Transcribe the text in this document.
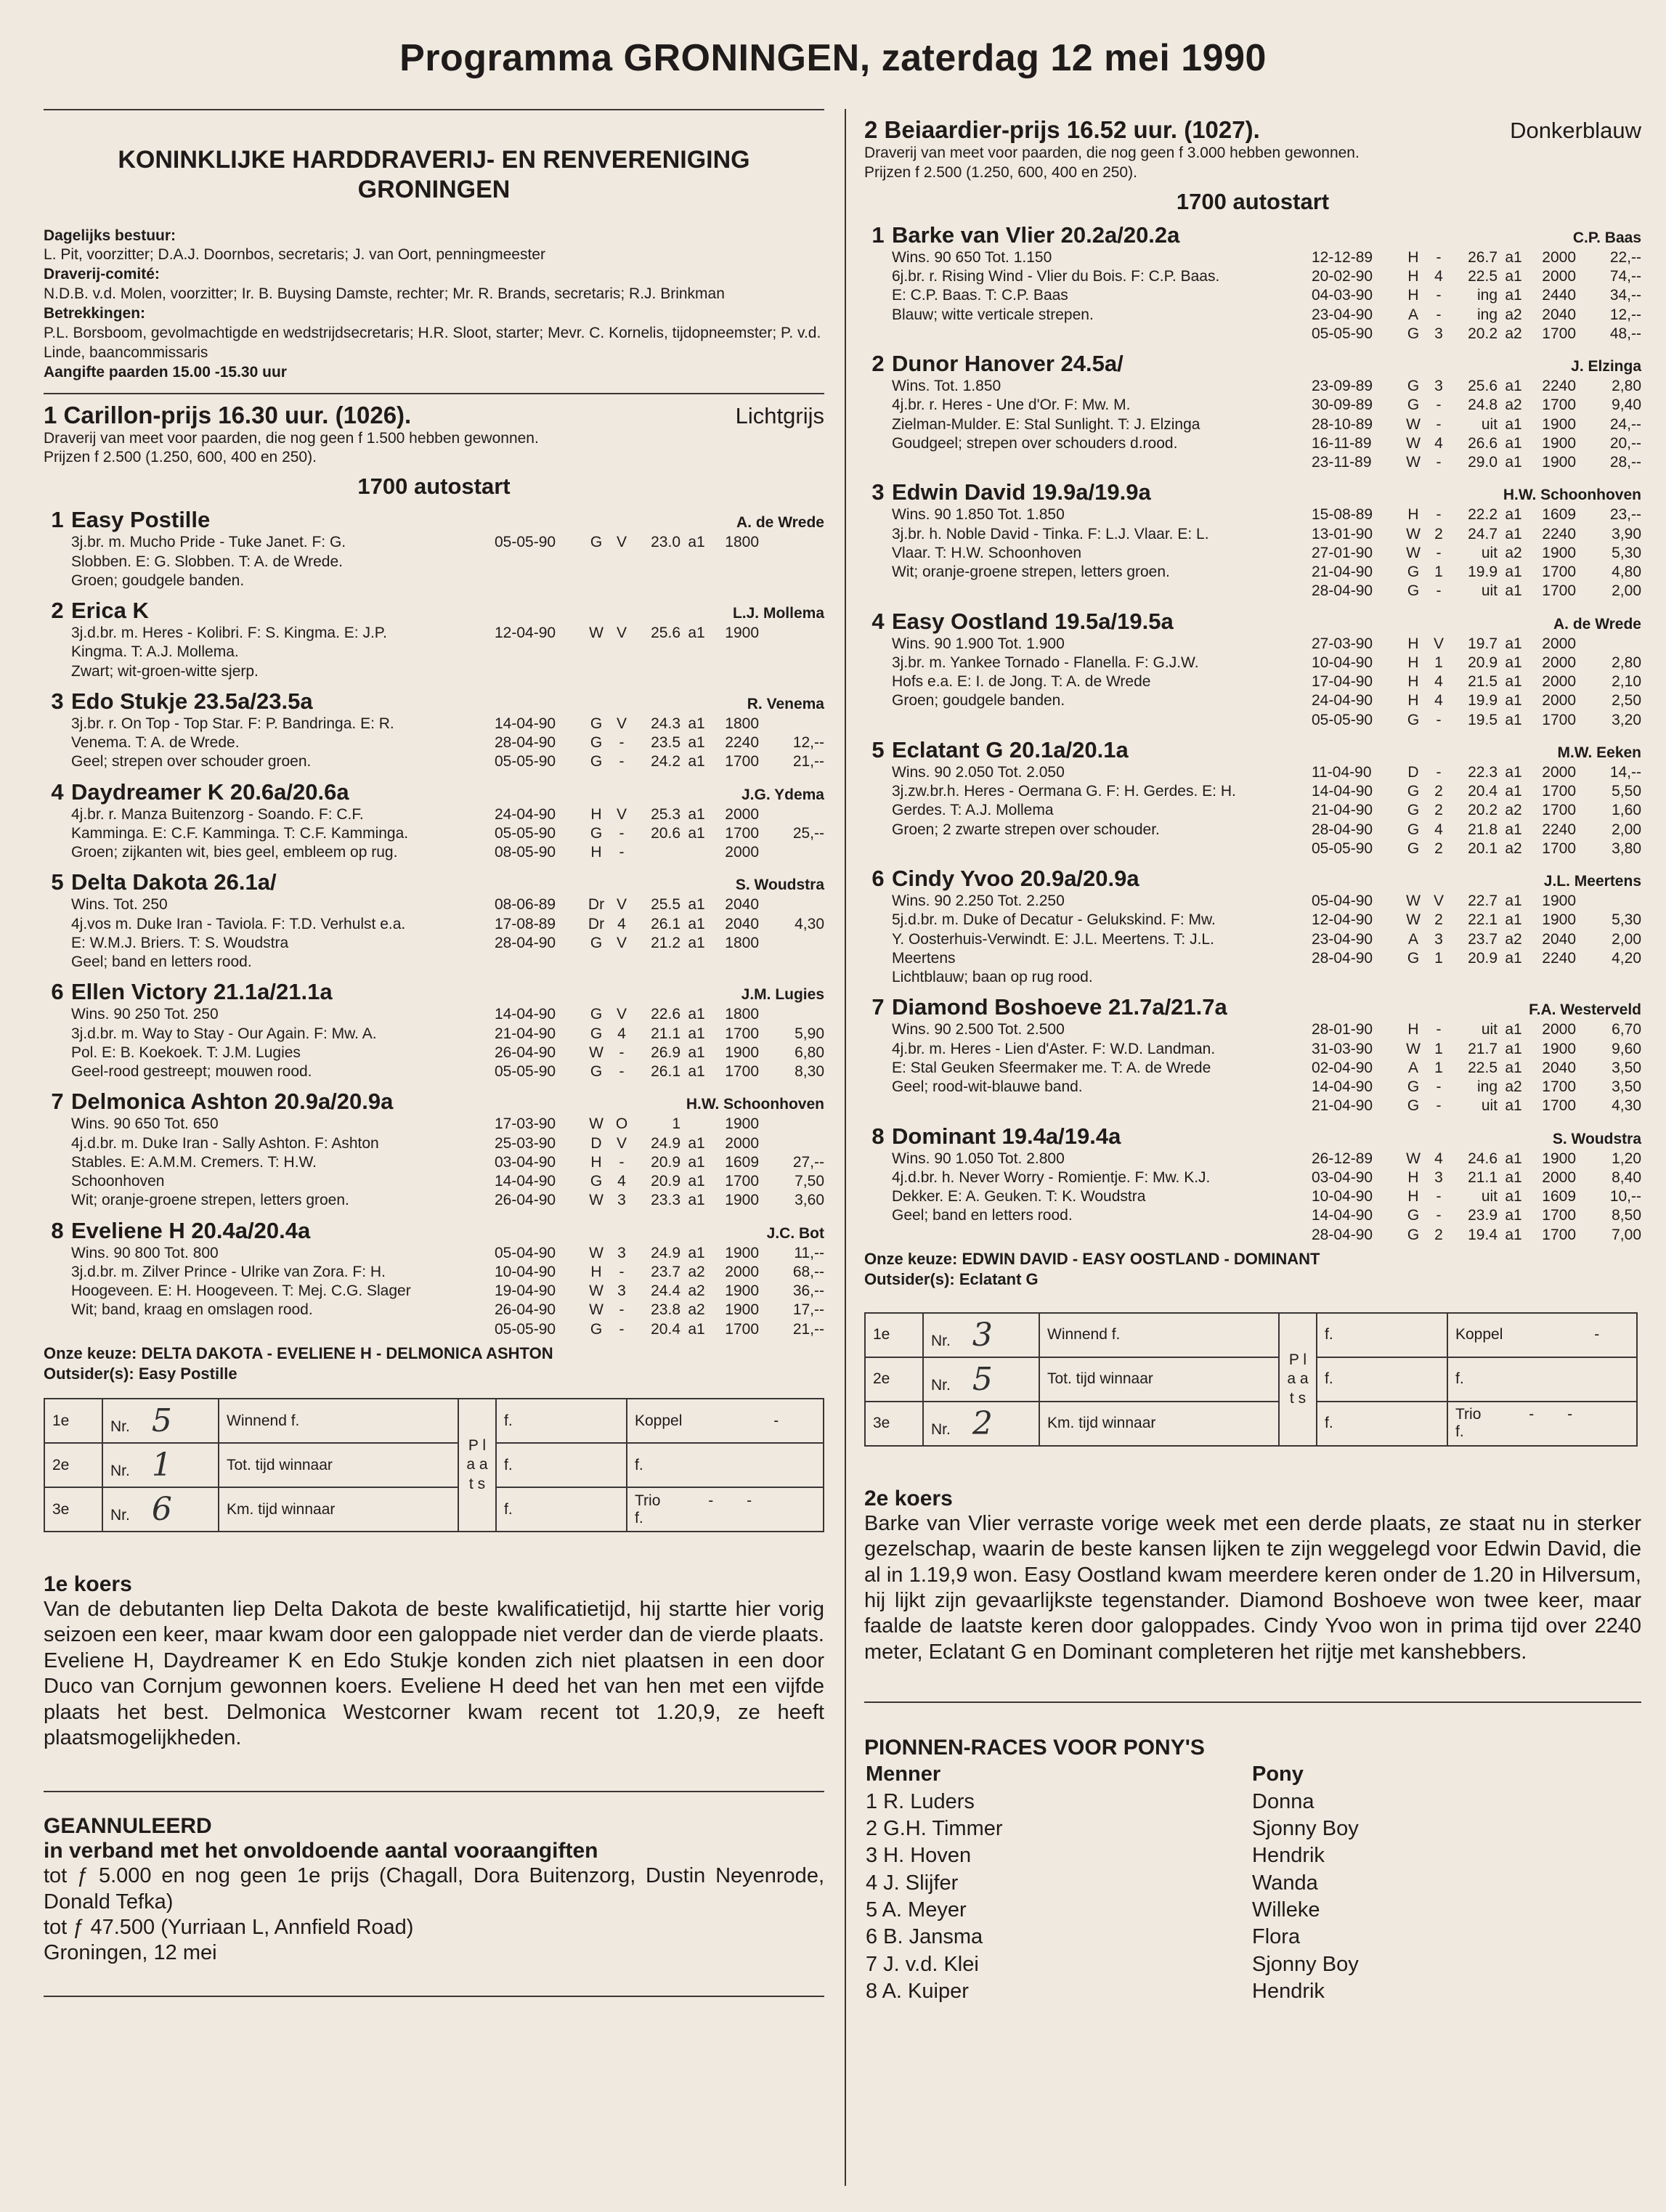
Programma GRONINGEN, zaterdag 12 mei 1990
KONINKLIJKE HARDDRAVERIJ- EN RENVERENIGING
GRONINGEN
Dagelijks bestuur:
L. Pit, voorzitter; D.A.J. Doornbos, secretaris; J. van Oort, penningmeester
Draverij-comité:
N.D.B. v.d. Molen, voorzitter; Ir. B. Buysing Damste, rechter; Mr. R. Brands, secretaris; R.J. Brinkman
Betrekkingen:
P.L. Borsboom, gevolmachtigde en wedstrijdsecretaris; H.R. Sloot, starter; Mevr. C. Kornelis, tijdopneemster; P. v.d. Linde, baancommissaris
Aangifte paarden 15.00 -15.30 uur
1 Carillon-prijs 16.30 uur. (1026).	Lichtgrijs
Draverij van meet voor paarden, die nog geen f 1.500 hebben gewonnen.
Prijzen f 2.500 (1.250, 600, 400 en 250).
1700 autostart
1 Easy Postille	A. de Wrede
3j.br. m. Mucho Pride - Tuke Janet. F: G.
Slobben. E: G. Slobben. T: A. de Wrede.
Groen; goudgele banden.
05-05-90	G V	23.0 a1	1800
2 Erica K	L.J. Mollema
3j.d.br. m. Heres - Kolibri. F: S. Kingma. E: J.P.
Kingma. T: A.J. Mollema.
Zwart; wit-groen-witte sjerp.
12-04-90	W V	25.6 a1	1900
3 Edo Stukje 23.5a/23.5a	R. Venema
3j.br. r. On Top - Top Star. F: P. Bandringa. E: R.
Venema. T: A. de Wrede.
Geel; strepen over schouder groen.
14-04-90	G V	24.3 a1	1800
28-04-90	G	-	23.5 a1	2240	12,--
05-05-90	G	-	24.2 a1	1700	21,--
4 Daydreamer K 20.6a/20.6a	J.G. Ydema
4j.br. r. Manza Buitenzorg - Soando. F: C.F.
Kamminga. E: C.F. Kamminga. T: C.F. Kamminga.
Groen; zijkanten wit, bies geel, embleem op rug.
24-04-90	H V	25.3 a1	2000
05-05-90	G	-	20.6 a1	1700	25,--
08-05-90	H	-	2000
5 Delta Dakota 26.1a/	S. Woudstra
Wins. Tot. 250
4j.vos m. Duke Iran - Taviola. F: T.D. Verhulst e.a.
E: W.M.J. Briers. T: S. Woudstra
Geel; band en letters rood.
08-06-89	Dr V	25.5 a1	2040
17-08-89	Dr 4	26.1 a1	2040	4,30
28-04-90	G V	21.2 a1	1800
6 Ellen Victory 21.1a/21.1a	J.M. Lugies
Wins. 90 250 Tot. 250
3j.d.br. m. Way to Stay - Our Again. F: Mw. A.
Pol. E: B. Koekoek. T: J.M. Lugies
Geel-rood gestreept; mouwen rood.
14-04-90	G V	22.6 a1	1800
21-04-90	G 4	21.1 a1	1700	5,90
26-04-90	W	-	26.9 a1	1900	6,80
05-05-90	G	-	26.1 a1	1700	8,30
7 Delmonica Ashton 20.9a/20.9a	H.W. Schoonhoven
Wins. 90 650 Tot. 650
4j.d.br. m. Duke Iran - Sally Ashton. F: Ashton
Stables. E: A.M.M. Cremers. T: H.W.
Schoonhoven
Wit; oranje-groene strepen, letters groen.
17-03-90	W O	1	1900
25-03-90	D V	24.9 a1	2000
03-04-90	H	-	20.9 a1	1609	27,--
14-04-90	G 4	20.9 a1	1700	7,50
26-04-90	W 3	23.3 a1	1900	3,60
8 Eveliene H 20.4a/20.4a	J.C. Bot
Wins. 90 800 Tot. 800
3j.d.br. m. Zilver Prince - Ulrike van Zora. F: H.
Hoogeveen. E: H. Hoogeveen. T: Mej. C.G. Slager
Wit; band, kraag en omslagen rood.
05-04-90	W 3	24.9 a1	1900	11,--
10-04-90	H	-	23.7 a2	2000	68,--
19-04-90	W 3	24.4 a2	1900	36,--
26-04-90	W	-	23.8 a2	1900	17,--
05-05-90	G	-	20.4 a1	1700	21,--
Onze keuze: DELTA DAKOTA - EVELIENE H - DELMONICA ASHTON
Outsider(s): Easy Postille
1e	Nr. 5	Winnend f.	P l a a t s	f.	Koppel -
2e	Nr. 1	Tot. tijd winnaar		f.	f.
3e	Nr. 6	Km. tijd winnaar		f.	Trio - -
f.
1e koers
Van de debutanten liep Delta Dakota de beste kwalificatietijd, hij startte hier vorig seizoen een keer, maar kwam door een galoppade niet verder dan de vierde plaats. Eveliene H, Daydreamer K en Edo Stukje konden zich niet plaatsen in een door Duco van Cornjum gewonnen koers. Eveliene H deed het van hen met een vijfde plaats het best. Delmonica Westcorner kwam recent tot 1.20,9, ze heeft plaatsmogelijkheden.
GEANNULEERD
in verband met het onvoldoende aantal vooraangiften
tot ƒ 5.000 en nog geen 1e prijs (Chagall, Dora Buitenzorg, Dustin Neyenrode, Donald Tefka)
tot ƒ 47.500 (Yurriaan L, Annfield Road)
Groningen, 12 mei
2 Beiaardier-prijs 16.52 uur. (1027).	Donkerblauw
Draverij van meet voor paarden, die nog geen f 3.000 hebben gewonnen.
Prijzen f 2.500 (1.250, 600, 400 en 250).
1700 autostart
1 Barke van Vlier 20.2a/20.2a	C.P. Baas
Wins. 90 650 Tot. 1.150
6j.br. r. Rising Wind - Vlier du Bois. F: C.P. Baas.
E: C.P. Baas. T: C.P. Baas
Blauw; witte verticale strepen.
12-12-89	H	-	26.7 a1	2000	22,--
20-02-90	H	4	22.5 a1	2000	74,--
04-03-90	H	-	ing a1	2440	34,--
23-04-90	A	-	ing a2	2040	12,--
05-05-90	G 3	20.2 a2	1700	48,--
2 Dunor Hanover 24.5a/	J. Elzinga
Wins. Tot. 1.850
4j.br. r. Heres - Une d'Or. F: Mw. M.
Zielman-Mulder. E: Stal Sunlight. T: J. Elzinga
Goudgeel; strepen over schouders d.rood.
23-09-89	G 3	25.6 a1	2240	2,80
30-09-89	G	-	24.8 a2	1700	9,40
28-10-89	W	-	uit a1	1900	24,--
16-11-89	W 4	26.6 a1	1900	20,--
23-11-89	W	-	29.0 a1	1900	28,--
3 Edwin David 19.9a/19.9a	H.W. Schoonhoven
Wins. 90 1.850 Tot. 1.850
3j.br. h. Noble David - Tinka. F: L.J. Vlaar. E: L.
Vlaar. T: H.W. Schoonhoven
Wit; oranje-groene strepen, letters groen.
15-08-89	H	-	22.2 a1	1609	23,--
13-01-90	W 2	24.7 a1	2240	3,90
27-01-90	W	-	uit a2	1900	5,30
21-04-90	G 1	19.9 a1	1700	4,80
28-04-90	G	-	uit a1	1700	2,00
4 Easy Oostland 19.5a/19.5a	A. de Wrede
Wins. 90 1.900 Tot. 1.900
3j.br. m. Yankee Tornado - Flanella. F: G.J.W.
Hofs e.a. E: I. de Jong. T: A. de Wrede
Groen; goudgele banden.
27-03-90	H V	19.7 a1	2000
10-04-90	H	1	20.9 a1	2000	2,80
17-04-90	H	4	21.5 a1	2000	2,10
24-04-90	H	4	19.9 a1	2000	2,50
05-05-90	G	-	19.5 a1	1700	3,20
5 Eclatant G 20.1a/20.1a	M.W. Eeken
Wins. 90 2.050 Tot. 2.050
3j.zw.br.h. Heres - Oermana G. F: H. Gerdes. E: H.
Gerdes. T: A.J. Mollema
Groen; 2 zwarte strepen over schouder.
11-04-90	D	-	22.3 a1	2000	14,--
14-04-90	G 2	20.4 a1	1700	5,50
21-04-90	G 2	20.2 a2	1700	1,60
28-04-90	G 4	21.8 a1	2240	2,00
05-05-90	G 2	20.1 a2	1700	3,80
6 Cindy Yvoo 20.9a/20.9a	J.L. Meertens
Wins. 90 2.250 Tot. 2.250
5j.d.br. m. Duke of Decatur - Gelukskind. F: Mw.
Y. Oosterhuis-Verwindt. E: J.L. Meertens. T: J.L.
Meertens
Lichtblauw; baan op rug rood.
05-04-90	W V	22.7 a1	1900
12-04-90	W 2	22.1 a1	1900	5,30
23-04-90	A	3	23.7 a2	2040	2,00
28-04-90	G 1	20.9 a1	2240	4,20
7 Diamond Boshoeve 21.7a/21.7a	F.A. Westerveld
Wins. 90 2.500 Tot. 2.500
4j.br. m. Heres - Lien d'Aster. F: W.D. Landman.
E: Stal Geuken Sfeermaker me. T: A. de Wrede
Geel; rood-wit-blauwe band.
28-01-90	H	-	uit a1	2000	6,70
31-03-90	W 1	21.7 a1	1900	9,60
02-04-90	A	1	22.5 a1	2040	3,50
14-04-90	G	-	ing a2	1700	3,50
21-04-90	G	-	uit a1	1700	4,30
8 Dominant 19.4a/19.4a	S. Woudstra
Wins. 90 1.050 Tot. 2.800
4j.d.br. h. Never Worry - Romientje. F: Mw. K.J.
Dekker. E: A. Geuken. T: K. Woudstra
Geel; band en letters rood.
26-12-89	W 4	24.6 a1	1900	1,20
03-04-90	H	3	21.1 a1	2000	8,40
10-04-90	H	-	uit a1	1609	10,--
14-04-90	G	-	23.9 a1	1700	8,50
28-04-90	G 2	19.4 a1	1700	7,00
Onze keuze: EDWIN DAVID - EASY OOSTLAND - DOMINANT
Outsider(s): Eclatant G
1e	Nr. 3	Winnend f.	P l a a t s	f.	Koppel -
2e	Nr. 5	Tot. tijd winnaar		f.	f.
3e	Nr. 2	Km. tijd winnaar		f.	Trio - -
f.
2e koers
Barke van Vlier verraste vorige week met een derde plaats, ze staat nu in sterker gezelschap, waarin de beste kansen lijken te zijn weggelegd voor Edwin David, die al in 1.19,9 won. Easy Oostland kwam meerdere keren onder de 1.20 in Hilversum, hij lijkt zijn gevaarlijkste tegenstander. Diamond Boshoeve won twee keer, maar faalde de laatste keren door galoppades. Cindy Yvoo won in prima tijd over 2240 meter, Eclatant G en Dominant completeren het rijtje met kanshebbers.
PIONNEN-RACES VOOR PONY'S
Menner	Pony
1 R. Luders	Donna
2 G.H. Timmer	Sjonny Boy
3 H. Hoven	Hendrik
4 J. Slijfer	Wanda
5 A. Meyer	Willeke
6 B. Jansma	Flora
7 J. v.d. Klei	Sjonny Boy
8 A. Kuiper	Hendrik
